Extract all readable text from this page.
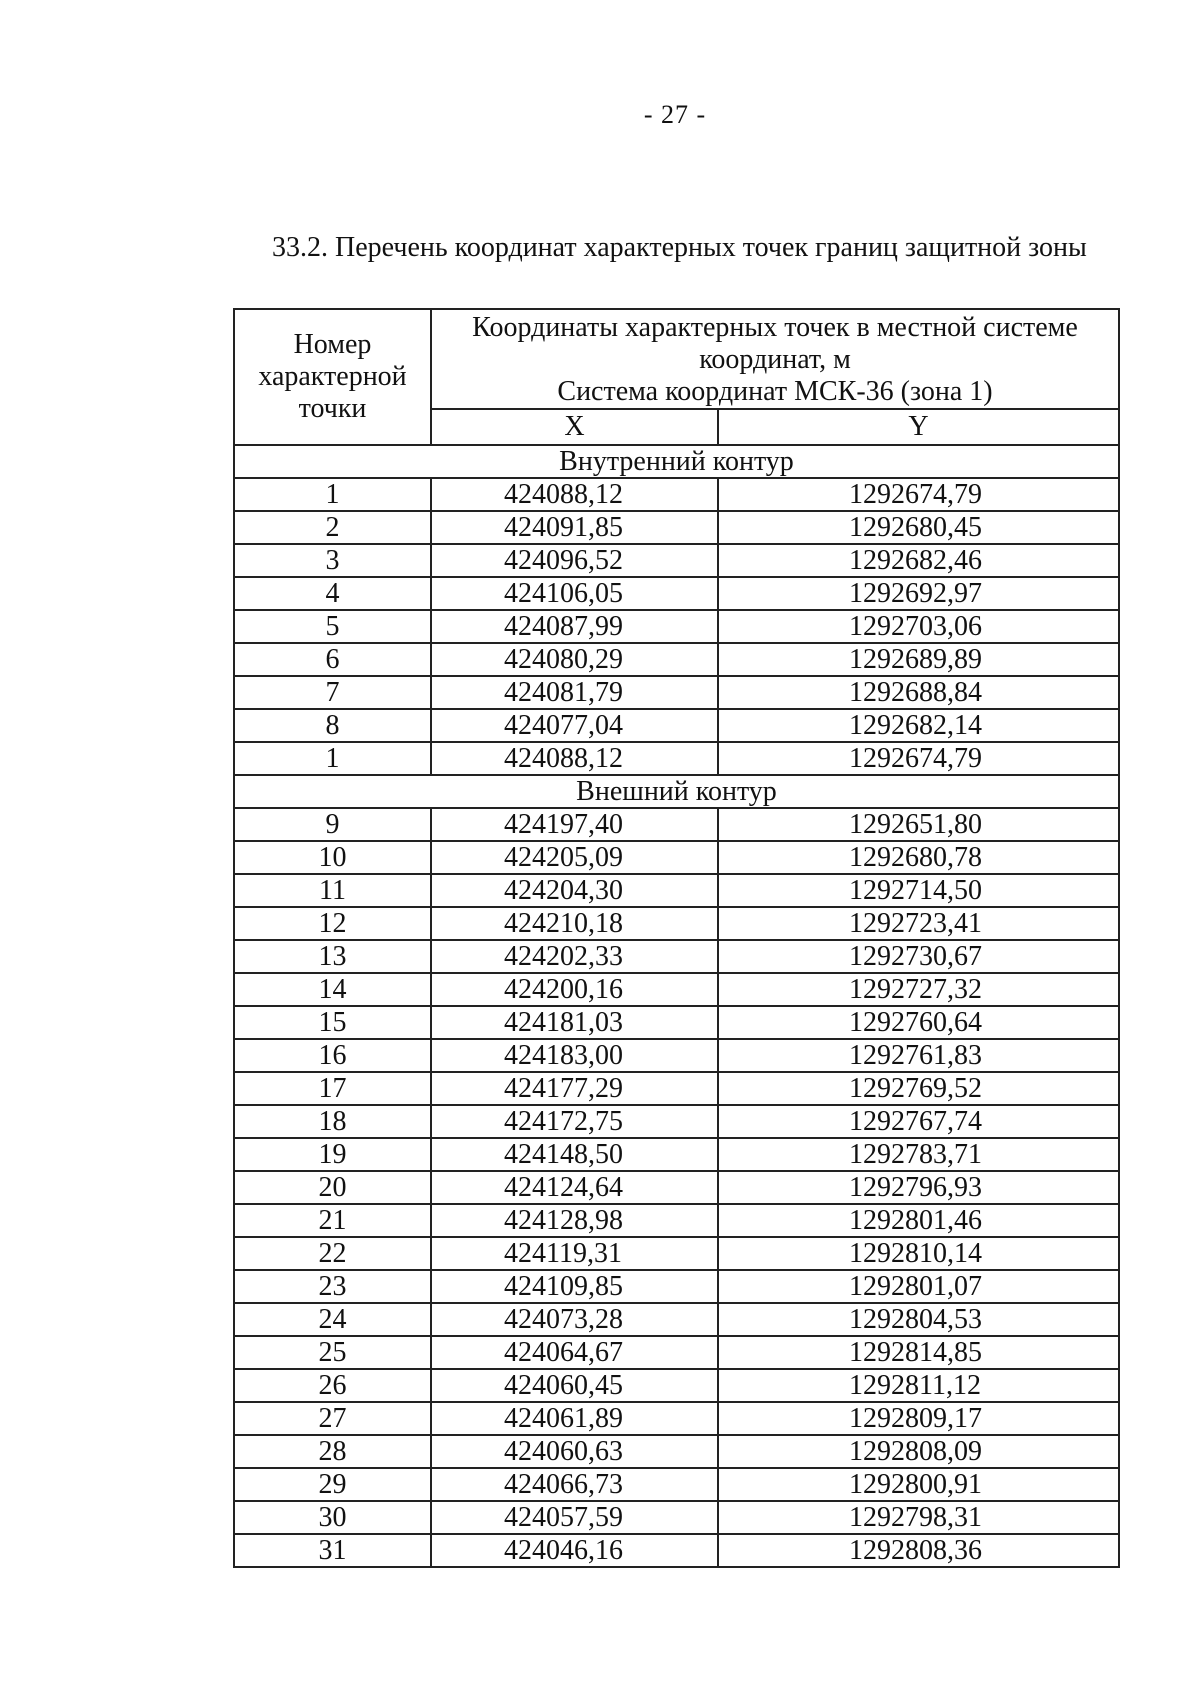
- 27 -
33.2. Перечень координат характерных точек границ защитной зоны
Номер характерной точки	Координаты характерных точек в местной системе координат, м
Система координат МСК-36 (зона 1)	

	X	Y
Внутренний контур		
1	424088,12	1292674,79
2	424091,85	1292680,45
3	424096,52	1292682,46
4	424106,05	1292692,97
5	424087,99	1292703,06
6	424080,29	1292689,89
7	424081,79	1292688,84
8	424077,04	1292682,14
1	424088,12	1292674,79
Внешний контур		
9	424197,40	1292651,80
10	424205,09	1292680,78
11	424204,30	1292714,50
12	424210,18	1292723,41
13	424202,33	1292730,67
14	424200,16	1292727,32
15	424181,03	1292760,64
16	424183,00	1292761,83
17	424177,29	1292769,52
18	424172,75	1292767,74
19	424148,50	1292783,71
20	424124,64	1292796,93
21	424128,98	1292801,46
22	424119,31	1292810,14
23	424109,85	1292801,07
24	424073,28	1292804,53
25	424064,67	1292814,85
26	424060,45	1292811,12
27	424061,89	1292809,17
28	424060,63	1292808,09
29	424066,73	1292800,91
30	424057,59	1292798,31
31	424046,16	1292808,36
